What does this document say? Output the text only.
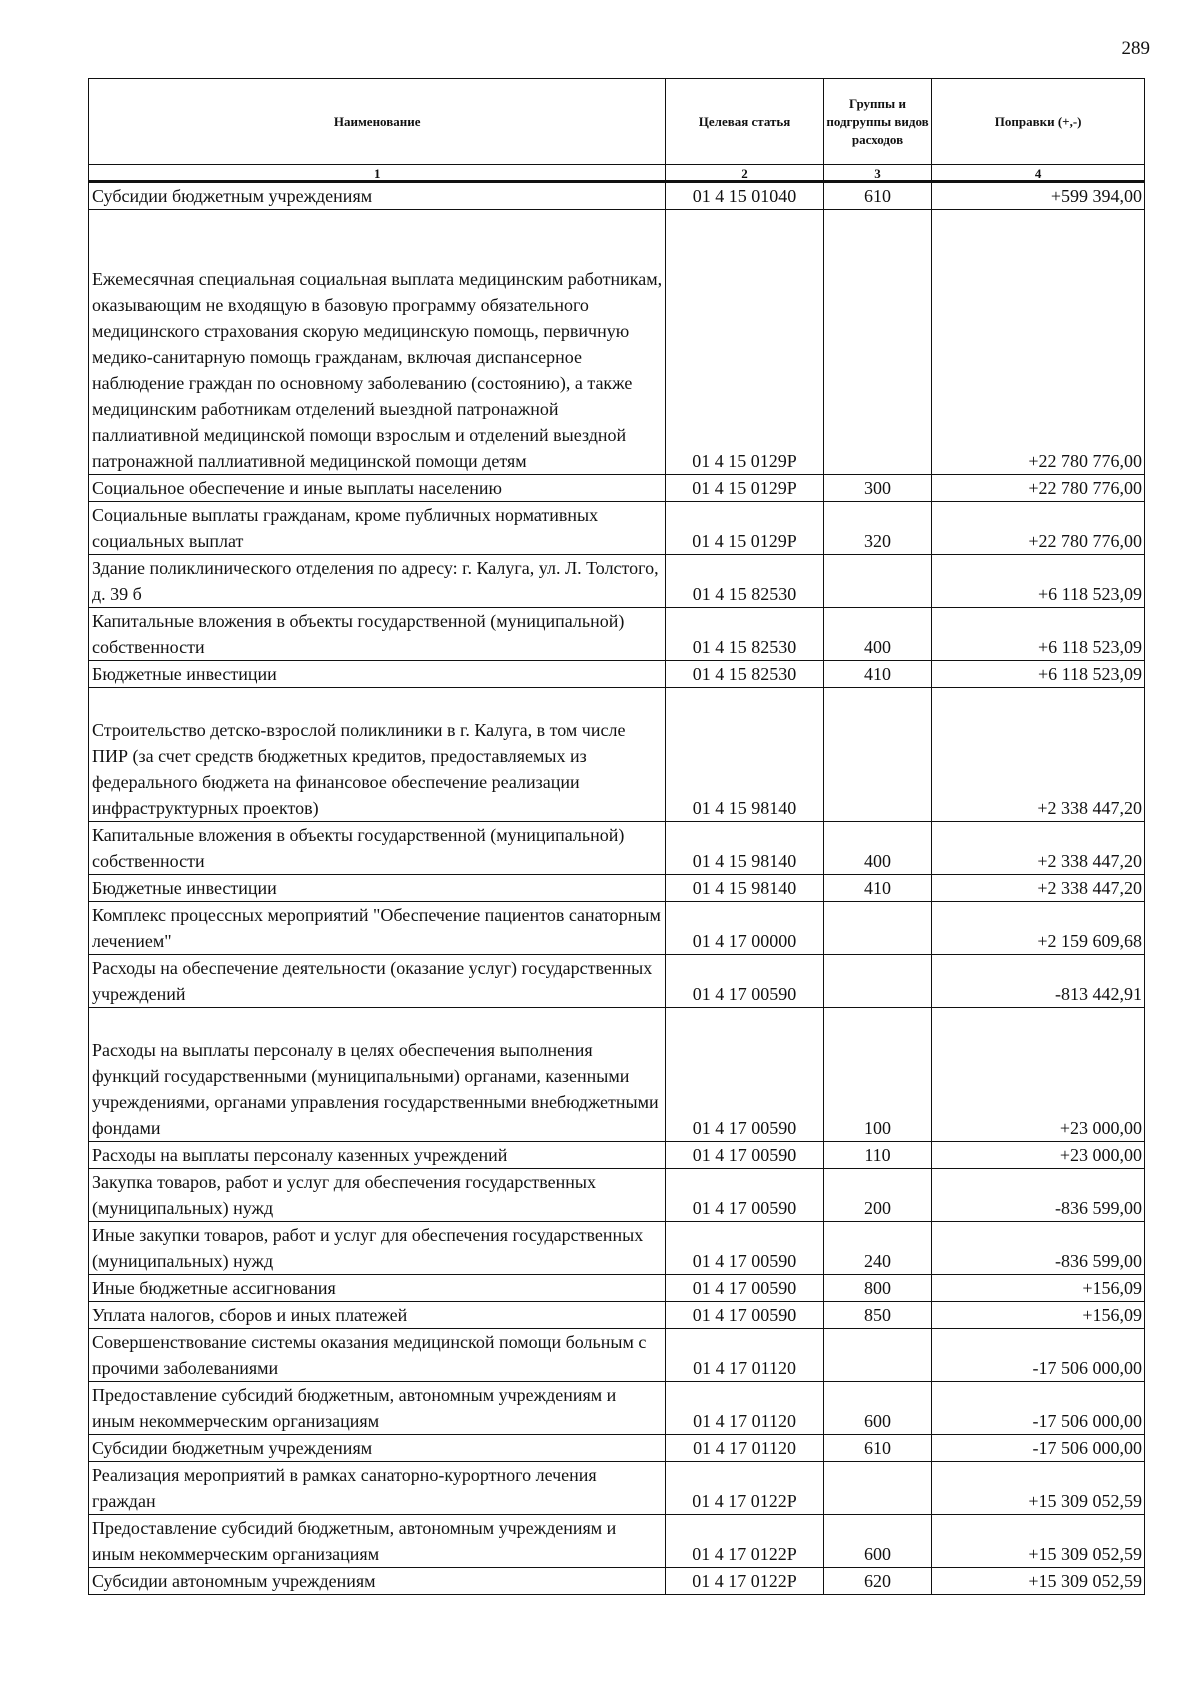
289
Наименование	Целевая статья	Группы и подгруппы видов расходов	Поправки (+,-)
1	2	3	4
Субсидии бюджетным учреждениям	01 4 15 01040	610	+599 394,00
Ежемесячная специальная социальная выплата медицинским работникам, оказывающим не входящую в базовую программу обязательного медицинского страхования скорую медицинскую помощь, первичную медико-санитарную помощь гражданам, включая диспансерное наблюдение граждан по основному заболеванию (состоянию), а также медицинским работникам отделений выездной патронажной паллиативной медицинской помощи взрослым и отделений выездной патронажной паллиативной медицинской помощи детям	01 4 15 0129Р		+22 780 776,00
Социальное обеспечение и иные выплаты населению	01 4 15 0129Р	300	+22 780 776,00
Социальные выплаты гражданам, кроме публичных нормативных социальных выплат	01 4 15 0129Р	320	+22 780 776,00
Здание поликлинического отделения по адресу: г. Калуга, ул. Л. Толстого, д. 39 б	01 4 15 82530		+6 118 523,09
Капитальные вложения в объекты государственной (муниципальной) собственности	01 4 15 82530	400	+6 118 523,09
Бюджетные инвестиции	01 4 15 82530	410	+6 118 523,09
Строительство детско-взрослой поликлиники в г. Калуга, в том числе ПИР (за счет средств бюджетных кредитов, предоставляемых из федерального бюджета на финансовое обеспечение реализации инфраструктурных проектов)	01 4 15 98140		+2 338 447,20
Капитальные вложения в объекты государственной (муниципальной) собственности	01 4 15 98140	400	+2 338 447,20
Бюджетные инвестиции	01 4 15 98140	410	+2 338 447,20
Комплекс процессных мероприятий "Обеспечение пациентов санаторным лечением"	01 4 17 00000		+2 159 609,68
Расходы на обеспечение деятельности (оказание услуг) государственных учреждений	01 4 17 00590		-813 442,91
Расходы на выплаты персоналу в целях обеспечения выполнения функций государственными (муниципальными) органами, казенными учреждениями, органами управления государственными внебюджетными фондами	01 4 17 00590	100	+23 000,00
Расходы на выплаты персоналу казенных учреждений	01 4 17 00590	110	+23 000,00
Закупка товаров, работ и услуг для обеспечения государственных (муниципальных) нужд	01 4 17 00590	200	-836 599,00
Иные закупки товаров, работ и услуг для обеспечения государственных (муниципальных) нужд	01 4 17 00590	240	-836 599,00
Иные бюджетные ассигнования	01 4 17 00590	800	+156,09
Уплата налогов, сборов и иных платежей	01 4 17 00590	850	+156,09
Совершенствование системы оказания медицинской помощи больным с прочими заболеваниями	01 4 17 01120		-17 506 000,00
Предоставление субсидий бюджетным, автономным учреждениям и иным некоммерческим организациям	01 4 17 01120	600	-17 506 000,00
Субсидии бюджетным учреждениям	01 4 17 01120	610	-17 506 000,00
Реализация мероприятий в рамках санаторно-курортного лечения граждан	01 4 17 0122Р		+15 309 052,59
Предоставление субсидий бюджетным, автономным учреждениям и иным некоммерческим организациям	01 4 17 0122Р	600	+15 309 052,59
Субсидии автономным учреждениям	01 4 17 0122Р	620	+15 309 052,59
